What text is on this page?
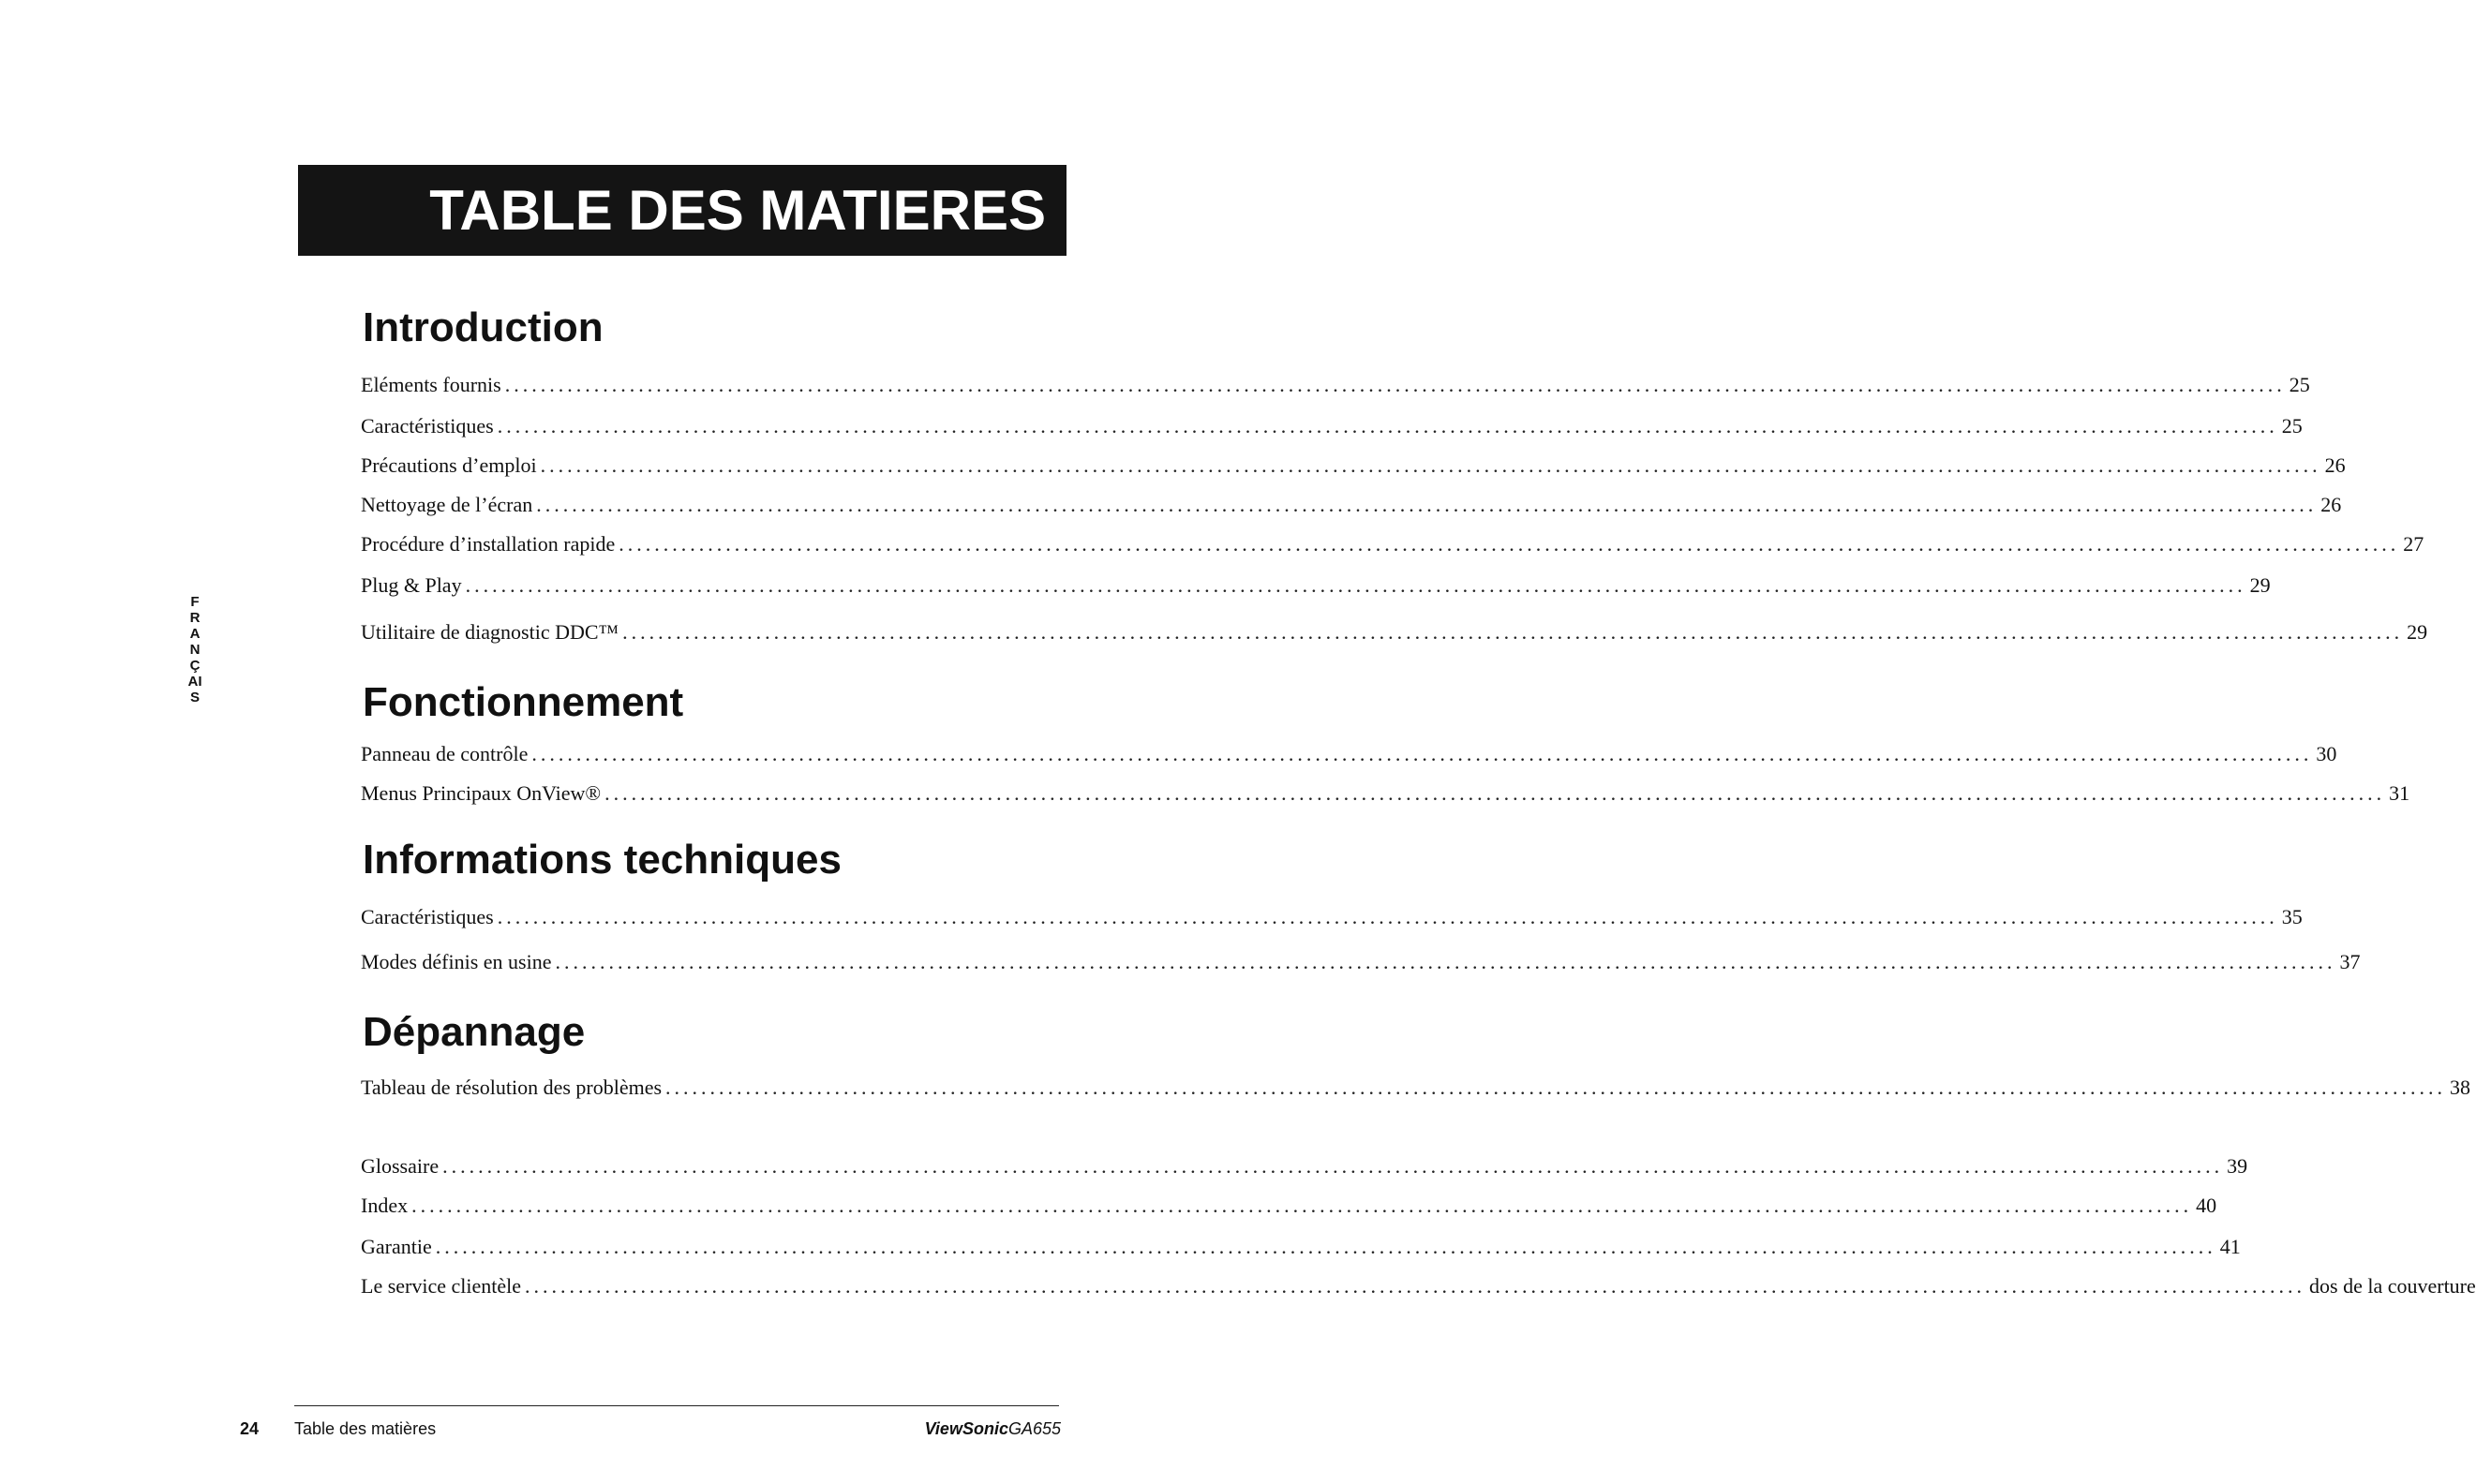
TABLE DES MATIERES
FRANÇAIS
Introduction
Eléments fournis ........................................................................................................................................................................................................ 25
Caractéristiques ........................................................................................................................................................................................................ 25
Précautions d’emploi ........................................................................................................................................................................................................ 26
Nettoyage de l’écran ........................................................................................................................................................................................................ 26
Procédure d’installation rapide ........................................................................................................................................................................................................ 27
Plug & Play ........................................................................................................................................................................................................ 29
Utilitaire de diagnostic DDC™ ........................................................................................................................................................................................................ 29
Fonctionnement
Panneau de contrôle ........................................................................................................................................................................................................ 30
Menus Principaux OnView® ........................................................................................................................................................................................................ 31
Informations techniques
Caractéristiques ........................................................................................................................................................................................................ 35
Modes définis en usine ........................................................................................................................................................................................................ 37
Dépannage
Tableau de résolution des problèmes ........................................................................................................................................................................................................ 38
Glossaire ........................................................................................................................................................................................................ 39
Index ........................................................................................................................................................................................................ 40
Garantie ........................................................................................................................................................................................................ 41
Le service clientèle ........................................................................................................................................................................................................ dos de la couverture
24 Table des matières	ViewSonicGA655
